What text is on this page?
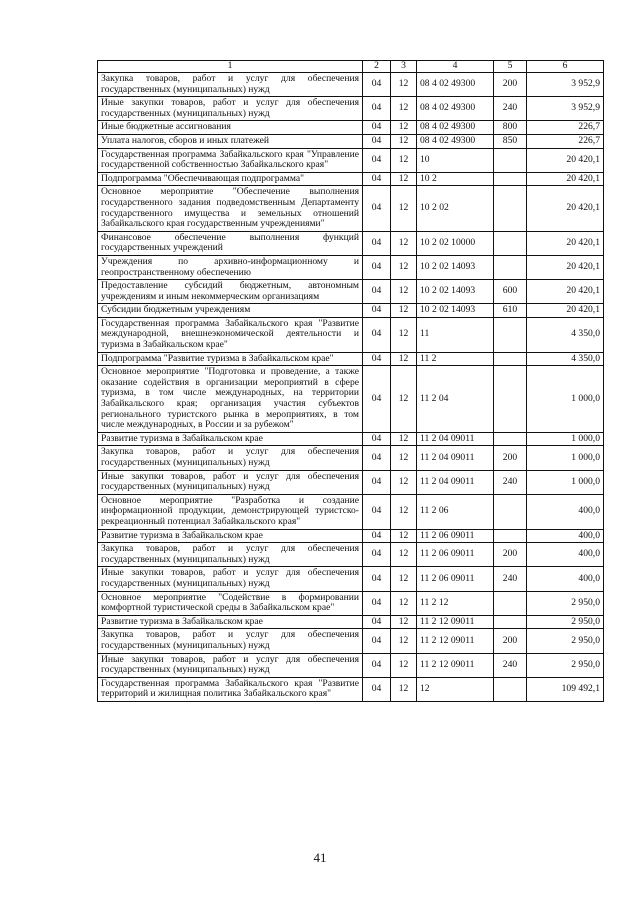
1	2	3	4	5	6
Закупка товаров, работ и услуг для обеспечения государственных (муниципальных) нужд	04	12	08 4 02 49300	200	3 952,9
Иные закупки товаров, работ и услуг для обеспечения государственных (муниципальных) нужд	04	12	08 4 02 49300	240	3 952,9
Иные бюджетные ассигнования	04	12	08 4 02 49300	800	226,7
Уплата налогов, сборов и иных платежей	04	12	08 4 02 49300	850	226,7
Государственная программа Забайкальского края "Управление государственной собственностью Забайкальского края"	04	12	10		20 420,1
Подпрограмма "Обеспечивающая подпрограмма"	04	12	10 2		20 420,1
Основное мероприятие "Обеспечение выполнения государственного задания подведомственным Департаменту государственного имущества и земельных отношений Забайкальского края государственным учреждениями"	04	12	10 2 02		20 420,1
Финансовое обеспечение выполнения функций государственных учреждений	04	12	10 2 02 10000		20 420,1
Учреждения по архивно-информационному и геопространственному обеспечению	04	12	10 2 02 14093		20 420,1
Предоставление субсидий бюджетным, автономным учреждениям и иным некоммерческим организациям	04	12	10 2 02 14093	600	20 420,1
Субсидии бюджетным учреждениям	04	12	10 2 02 14093	610	20 420,1
Государственная программа Забайкальского края "Развитие международной, внешнеэкономической деятельности и туризма в Забайкальском крае"	04	12	11		4 350,0
Подпрограмма "Развитие туризма в Забайкальском крае"	04	12	11 2		4 350,0
Основное мероприятие "Подготовка и проведение, а также оказание содействия в организации мероприятий в сфере туризма, в том числе международных, на территории Забайкальского края; организация участия субъектов регионального туристского рынка в мероприятиях, в том числе международных, в России и за рубежом"	04	12	11 2 04		1 000,0
Развитие туризма в Забайкальском крае	04	12	11 2 04 09011		1 000,0
Закупка товаров, работ и услуг для обеспечения государственных (муниципальных) нужд	04	12	11 2 04 09011	200	1 000,0
Иные закупки товаров, работ и услуг для обеспечения государственных (муниципальных) нужд	04	12	11 2 04 09011	240	1 000,0
Основное мероприятие "Разработка и создание информационной продукции, демонстрирующей туристско-рекреационный потенциал Забайкальского края"	04	12	11 2 06		400,0
Развитие туризма в Забайкальском крае	04	12	11 2 06 09011		400,0
Закупка товаров, работ и услуг для обеспечения государственных (муниципальных) нужд	04	12	11 2 06 09011	200	400,0
Иные закупки товаров, работ и услуг для обеспечения государственных (муниципальных) нужд	04	12	11 2 06 09011	240	400,0
Основное мероприятие "Содействие в формировании комфортной туристической среды в Забайкальском крае"	04	12	11 2 12		2 950,0
Развитие туризма в Забайкальском крае	04	12	11 2 12 09011		2 950,0
Закупка товаров, работ и услуг для обеспечения государственных (муниципальных) нужд	04	12	11 2 12 09011	200	2 950,0
Иные закупки товаров, работ и услуг для обеспечения государственных (муниципальных) нужд	04	12	11 2 12 09011	240	2 950,0
Государственная программа Забайкальского края "Развитие территорий и жилищная политика Забайкальского края"	04	12	12		109 492,1
41
